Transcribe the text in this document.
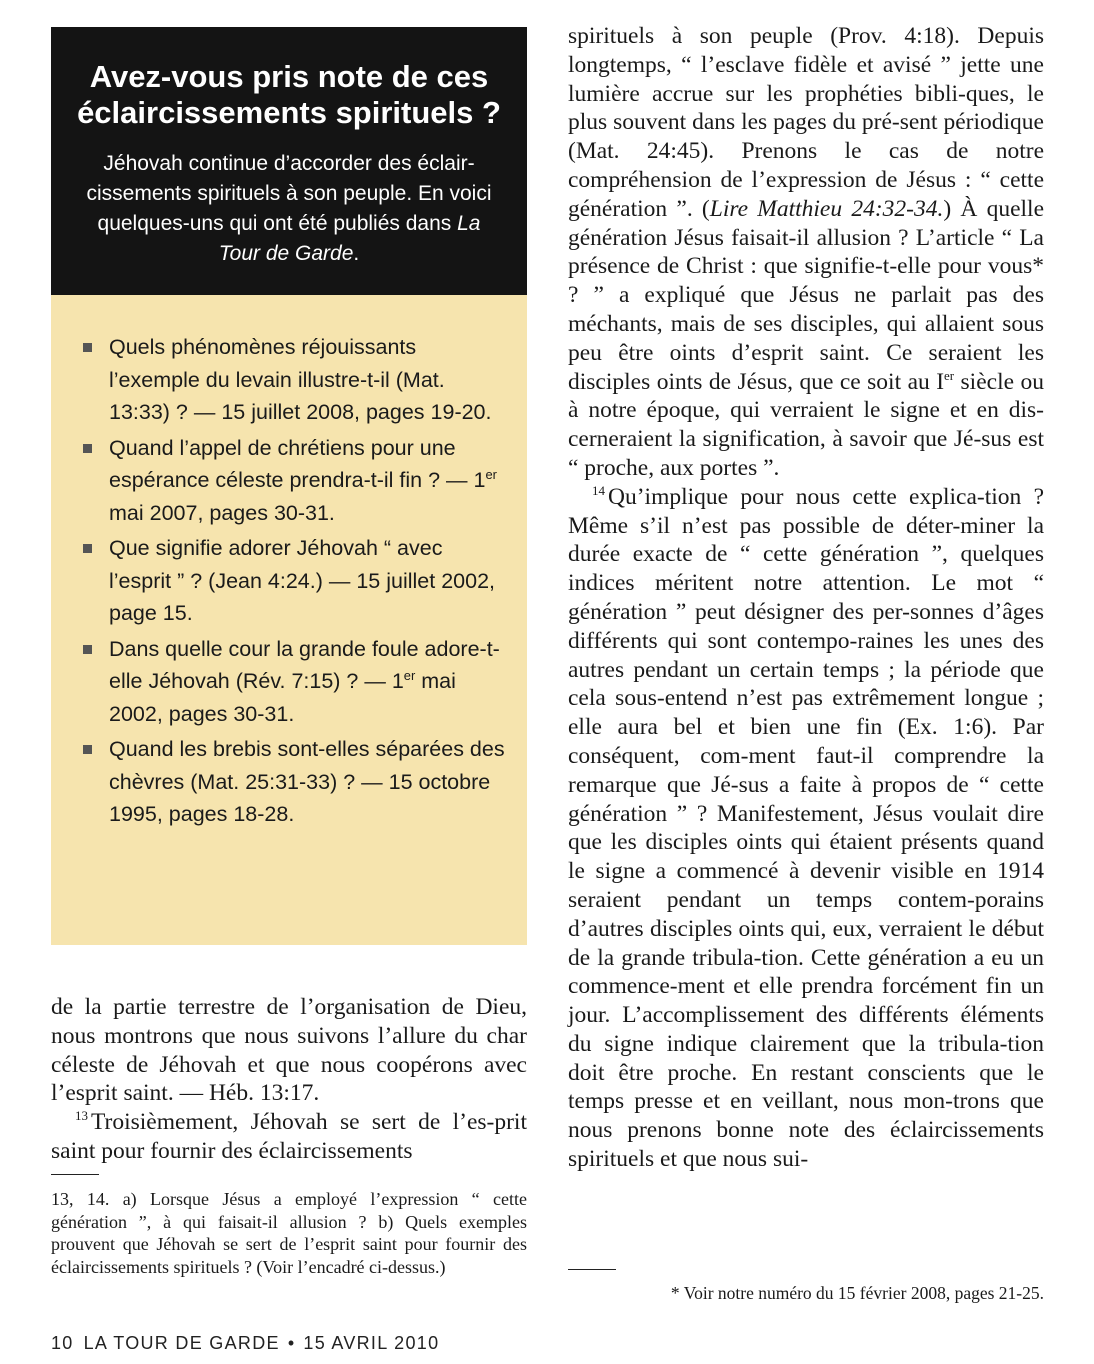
Avez-vous pris note de ces
éclaircissements spirituels ?
Jéhovah continue d’accorder des éclair-cissements spirituels à son peuple. En voici quelques-uns qui ont été publiés dans La Tour de Garde.
Quels phénomènes réjouissants l’exemple du levain illustre-t-il (Mat. 13:33) ? — 15 juillet 2008, pages 19-20.
Quand l’appel de chrétiens pour une espérance céleste prendra-t-il fin ? — 1er mai 2007, pages 30-31.
Que signifie adorer Jéhovah “ avec l’esprit ” ? (Jean 4:24.) — 15 juillet 2002, page 15.
Dans quelle cour la grande foule adore-t-elle Jéhovah (Rév. 7:15) ? — 1er mai 2002, pages 30-31.
Quand les brebis sont-elles séparées des chèvres (Mat. 25:31-33) ? — 15 octobre 1995, pages 18-28.

de la partie terrestre de l’organisation de Dieu, nous montrons que nous suivons l’allure du char céleste de Jéhovah et que nous coopérons avec l’esprit saint. — Héb. 13:17.

$^{13}$ Troisièmement, Jéhovah se sert de l’es-prit saint pour fournir des éclaircissements

13, 14. a) Lorsque Jésus a employé l’expression “ cette génération ”, à qui faisait-il allusion ? b) Quels exemples prouvent que Jéhovah se sert de l’esprit saint pour fournir des éclaircissements spirituels ? (Voir l’encadré ci-dessus.)

spirituels à son peuple (Prov. 4:18). Depuis longtemps, “ l’esclave fidèle et avisé ” jette une lumière accrue sur les prophéties bibli-ques, le plus souvent dans les pages du pré-sent périodique (Mat. 24:45). Prenons le cas de notre compréhension de l’expression de Jésus : “ cette génération ”. (Lire Matthieu 24:32-34.) À quelle génération Jésus faisait-il allusion ? L’article “ La présence de Christ : que signifie-t-elle pour vous* ? ” a expliqué que Jésus ne parlait pas des méchants, mais de ses disciples, qui allaient sous peu être oints d’esprit saint. Ce seraient les disciples oints de Jésus, que ce soit au Ier siècle ou à notre époque, qui verraient le signe et en dis-cerneraient la signification, à savoir que Jé-sus est “ proche, aux portes ”.

$^{14}$ Qu’implique pour nous cette explica-tion ? Même s’il n’est pas possible de déter-miner la durée exacte de “ cette génération ”, quelques indices méritent notre attention. Le mot “ génération ” peut désigner des per-sonnes d’âges différents qui sont contempo-raines les unes des autres pendant un certain temps ; la période que cela sous-entend n’est pas extrêmement longue ; elle aura bel et bien une fin (Ex. 1:6). Par conséquent, com-ment faut-il comprendre la remarque que Jé-sus a faite à propos de “ cette génération ” ? Manifestement, Jésus voulait dire que les disciples oints qui étaient présents quand le signe a commencé à devenir visible en 1914 seraient pendant un temps contem-porains d’autres disciples oints qui, eux, verraient le début de la grande tribula-tion. Cette génération a eu un commence-ment et elle prendra forcément fin un jour. L’accomplissement des différents éléments du signe indique clairement que la tribula-tion doit être proche. En restant conscients que le temps presse et en veillant, nous mon-trons que nous prenons bonne note des éclaircissements spirituels et que nous sui-

* Voir notre numéro du 15 février 2008, pages 21-25.
10 LA TOUR DE GARDE • 15 AVRIL 2010
